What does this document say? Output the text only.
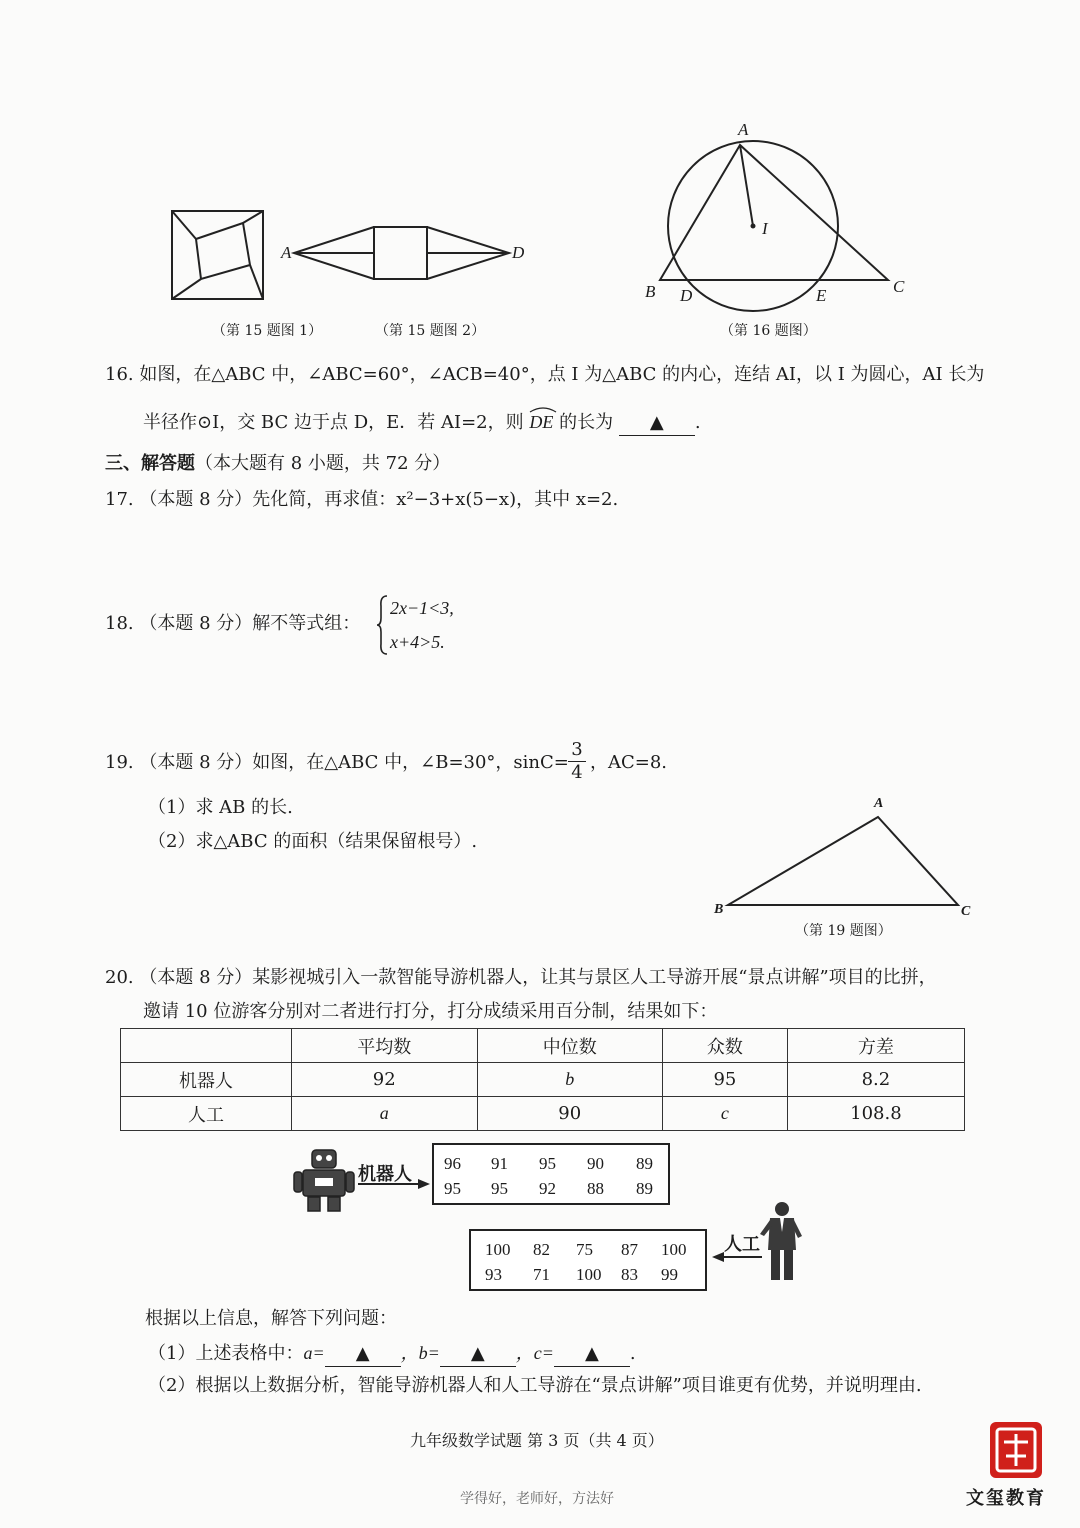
（第 15 题图 1）
A	D
（第 15 题图 2）
A
I
B D	E	C
（第 16 题图）
16. 如图，在△ABC 中，∠ABC=60°，∠ACB=40°，点 I 为△ABC 的内心，连结 AI，以 I 为圆心，AI 长为
半径作⊙I，交 BC 边于点 D，E．若 AI=2，则 DE 的长为 ▲ .
三、解答题（本大题有 8 小题，共 72 分）
17. （本题 8 分）先化简，再求值：x²−3+x(5−x)，其中 x=2.
18. （本题 8 分）解不等式组：
2x−1<3,
x+4>5.
19. （本题 8 分）如图，在△ABC 中，∠B=30°，$\sin C= \frac{3}{4}$ ，AC=8.
（1）求 AB 的长.
（2）求△ABC 的面积（结果保留根号）.
A
B	C
（第 19 题图）
20. （本题 8 分）某影视城引入一款智能导游机器人，让其与景区人工导游开展“景点讲解”项目的比拼，
邀请 10 位游客分别对二者进行打分，打分成绩采用百分制，结果如下：
	平均数	中位数	众数	方差
机器人	92	b	95	8.2
人工	a	90	c	108.8
机器人
96 91 95 90 89
95 95 92 88 89
100 82 75 87 100
93 71 100 83 99
人工
根据以上信息，解答下列问题：
（1）上述表格中：a= ▲ ，b= ▲ ，c= ▲ .
（2）根据以上数据分析，智能导游机器人和人工导游在“景点讲解”项目谁更有优势，并说明理由.
九年级数学试题 第 3 页（共 4 页）
学得好，老师好，方法好	文玺教育
